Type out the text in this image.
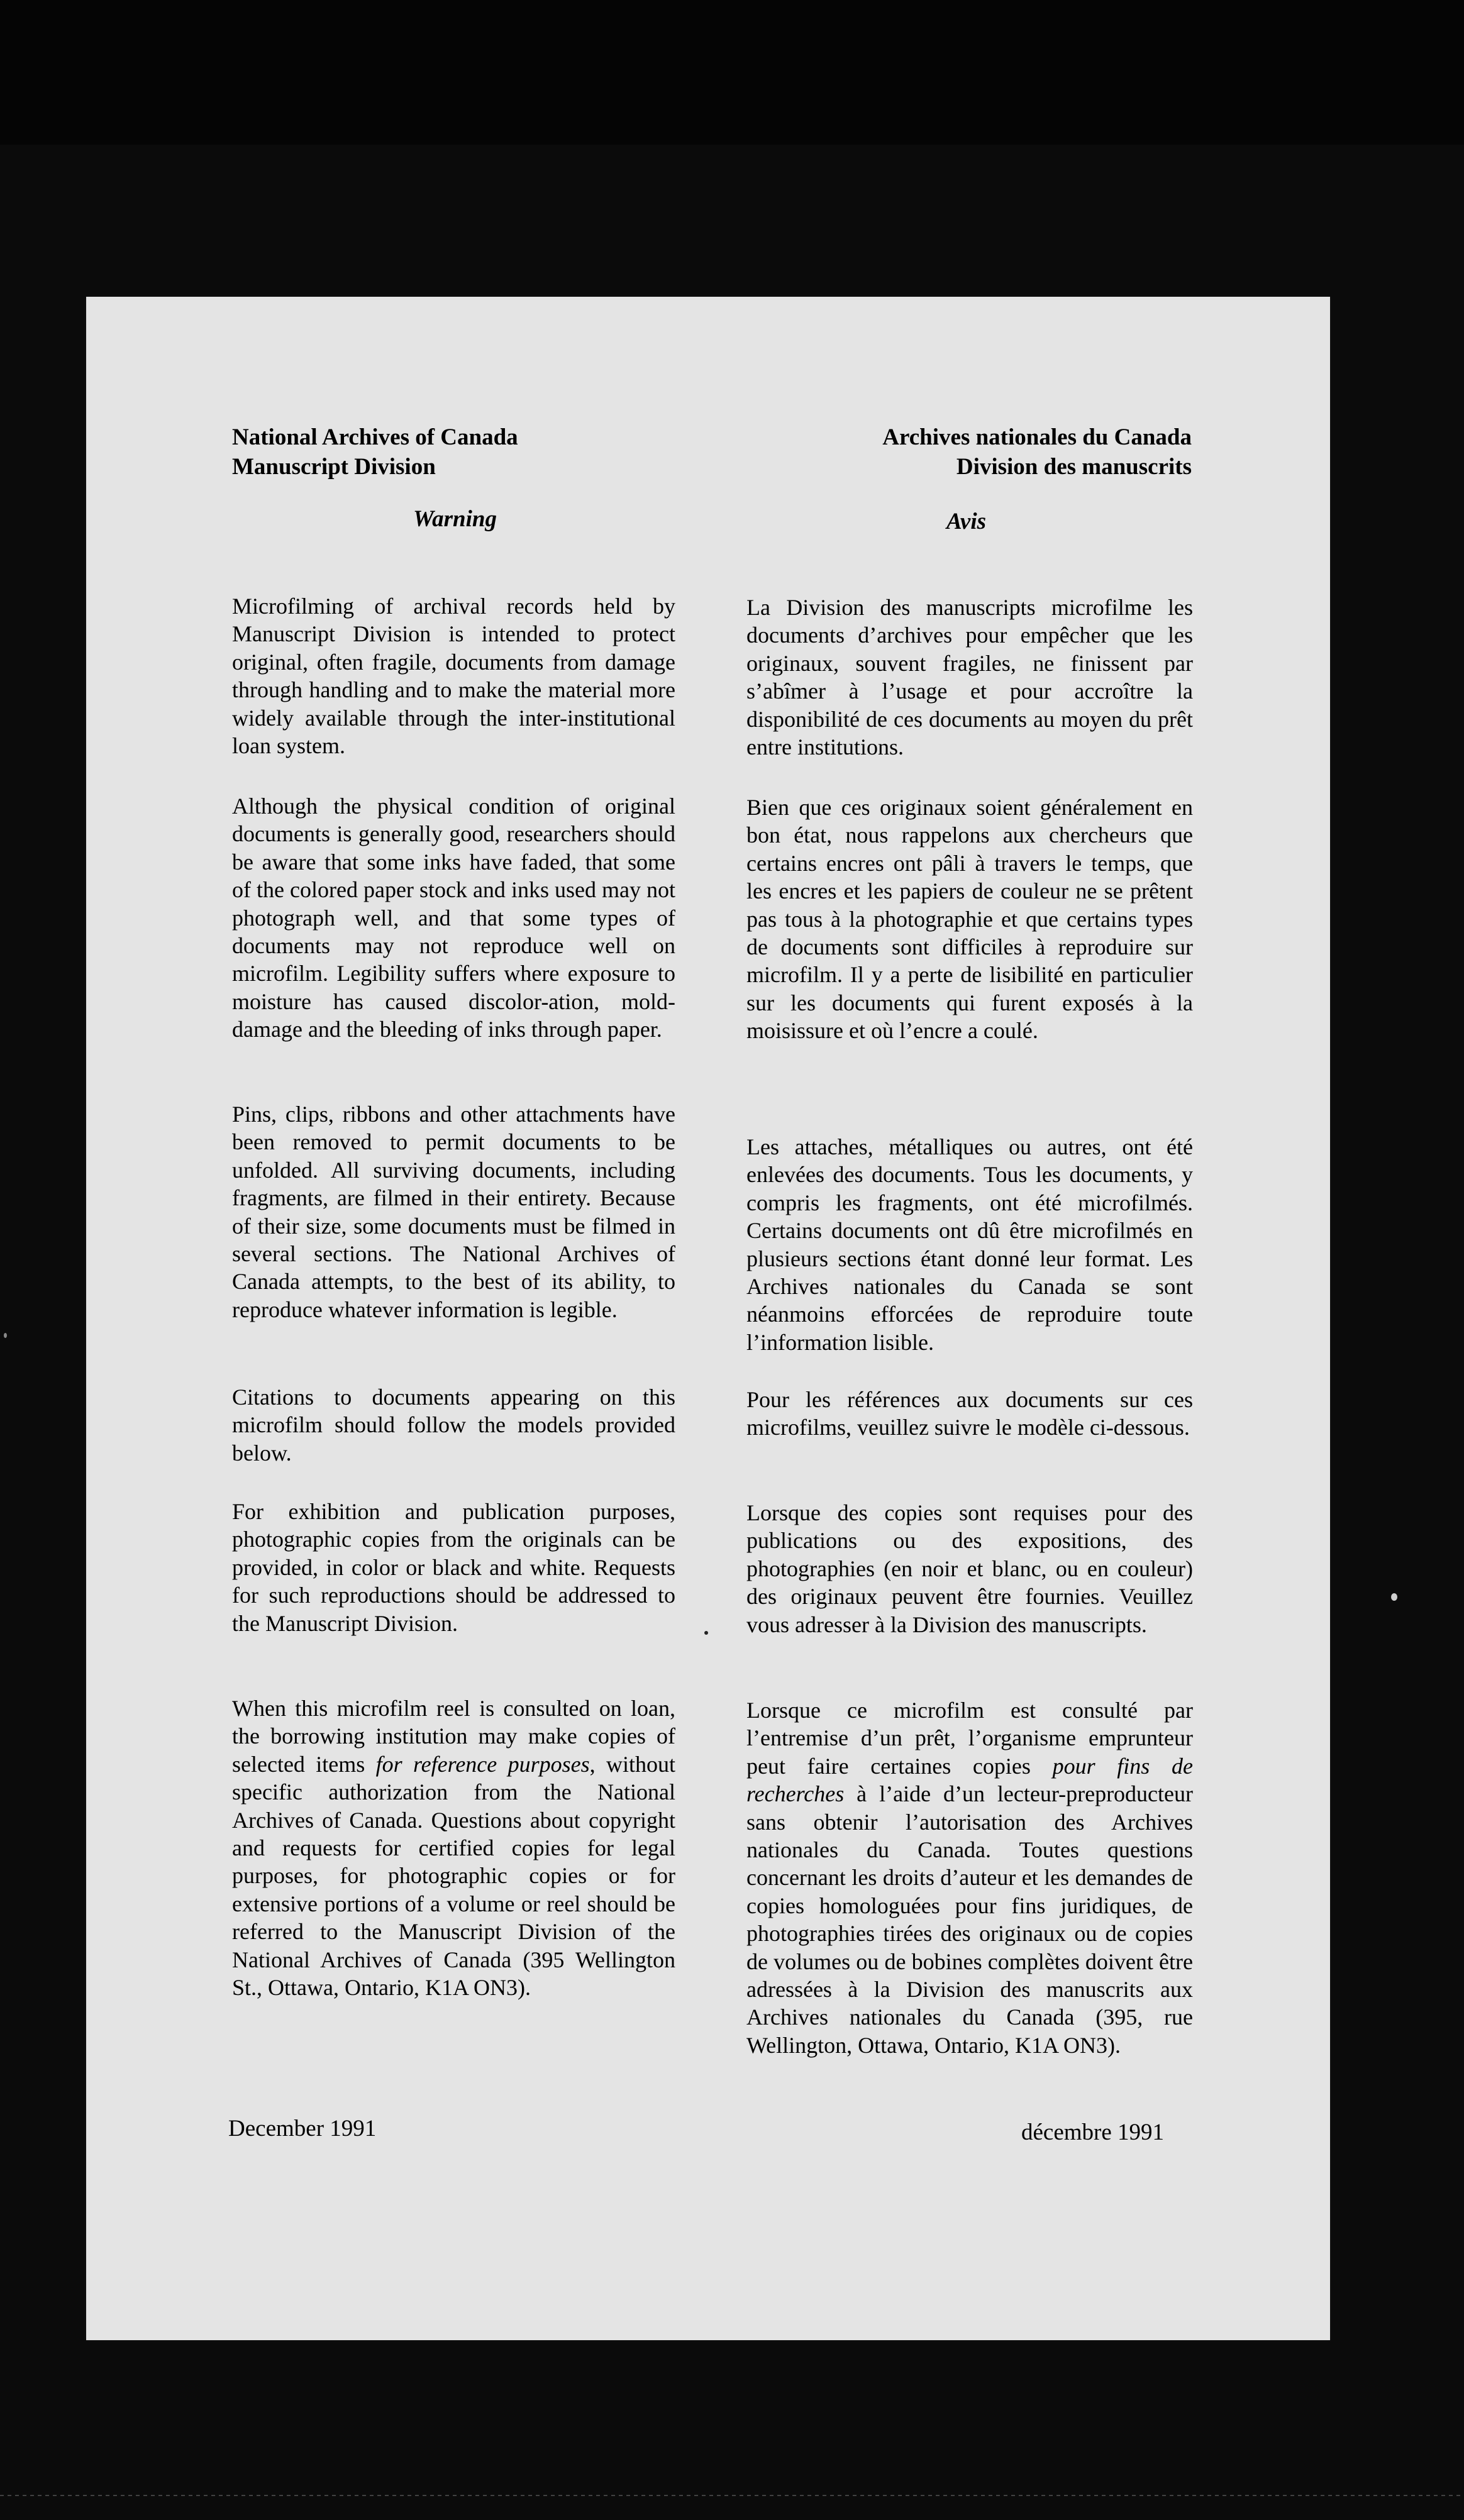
National Archives of Canada
Manuscript Division
Archives nationales du Canada
Division des manuscrits
Warning	Avis

Microfilming of archival records held by Manuscript Division is intended to protect original, often fragile, documents from damage through handling and to make the material more widely available through the inter-institutional loan system.

Although the physical condition of original documents is generally good, researchers should be aware that some inks have faded, that some of the colored paper stock and inks used may not photograph well, and that some types of documents may not reproduce well on microfilm. Legibility suffers where exposure to moisture has caused discolor-ation, mold-damage and the bleeding of inks through paper.

Pins, clips, ribbons and other attachments have been removed to permit documents to be unfolded. All surviving documents, including fragments, are filmed in their entirety. Because of their size, some documents must be filmed in several sections. The National Archives of Canada attempts, to the best of its ability, to reproduce whatever information is legible.

Citations to documents appearing on this microfilm should follow the models provided below.

For exhibition and publication purposes, photographic copies from the originals can be provided, in color or black and white. Requests for such reproductions should be addressed to the Manuscript Division.

When this microfilm reel is consulted on loan, the borrowing institution may make copies of selected items for reference purposes, without specific authorization from the National Archives of Canada. Questions about copyright and requests for certified copies for legal purposes, for photographic copies or for extensive portions of a volume or reel should be referred to the Manuscript Division of the National Archives of Canada (395 Wellington St., Ottawa, Ontario, K1A ON3).

December 1991

La Division des manuscripts microfilme les documents d’archives pour empêcher que les originaux, souvent fragiles, ne finissent par s’abîmer à l’usage et pour accroître la disponibilité de ces documents au moyen du prêt entre institutions.

Bien que ces originaux soient généralement en bon état, nous rappelons aux chercheurs que certains encres ont pâli à travers le temps, que les encres et les papiers de couleur ne se prêtent pas tous à la photographie et que certains types de documents sont difficiles à reproduire sur microfilm. Il y a perte de lisibilité en particulier sur les documents qui furent exposés à la moisissure et où l’encre a coulé.

Les attaches, métalliques ou autres, ont été enlevées des documents. Tous les documents, y compris les fragments, ont été microfilmés. Certains documents ont dû être microfilmés en plusieurs sections étant donné leur format. Les Archives nationales du Canada se sont néanmoins efforcées de reproduire toute l’information lisible.

Pour les références aux documents sur ces microfilms, veuillez suivre le modèle ci-dessous.

Lorsque des copies sont requises pour des publications ou des expositions, des photographies (en noir et blanc, ou en couleur) des originaux peuvent être fournies. Veuillez vous adresser à la Division des manuscripts.

Lorsque ce microfilm est consulté par l’entremise d’un prêt, l’organisme emprunteur peut faire certaines copies pour fins de recherches à l’aide d’un lecteur-preproducteur sans obtenir l’autorisation des Archives nationales du Canada. Toutes questions concernant les droits d’auteur et les demandes de copies homologuées pour fins juridiques, de photographies tirées des originaux ou de copies de volumes ou de bobines complètes doivent être adressées à la Division des manuscrits aux Archives nationales du Canada (395, rue Wellington, Ottawa, Ontario, K1A ON3).

décembre 1991
